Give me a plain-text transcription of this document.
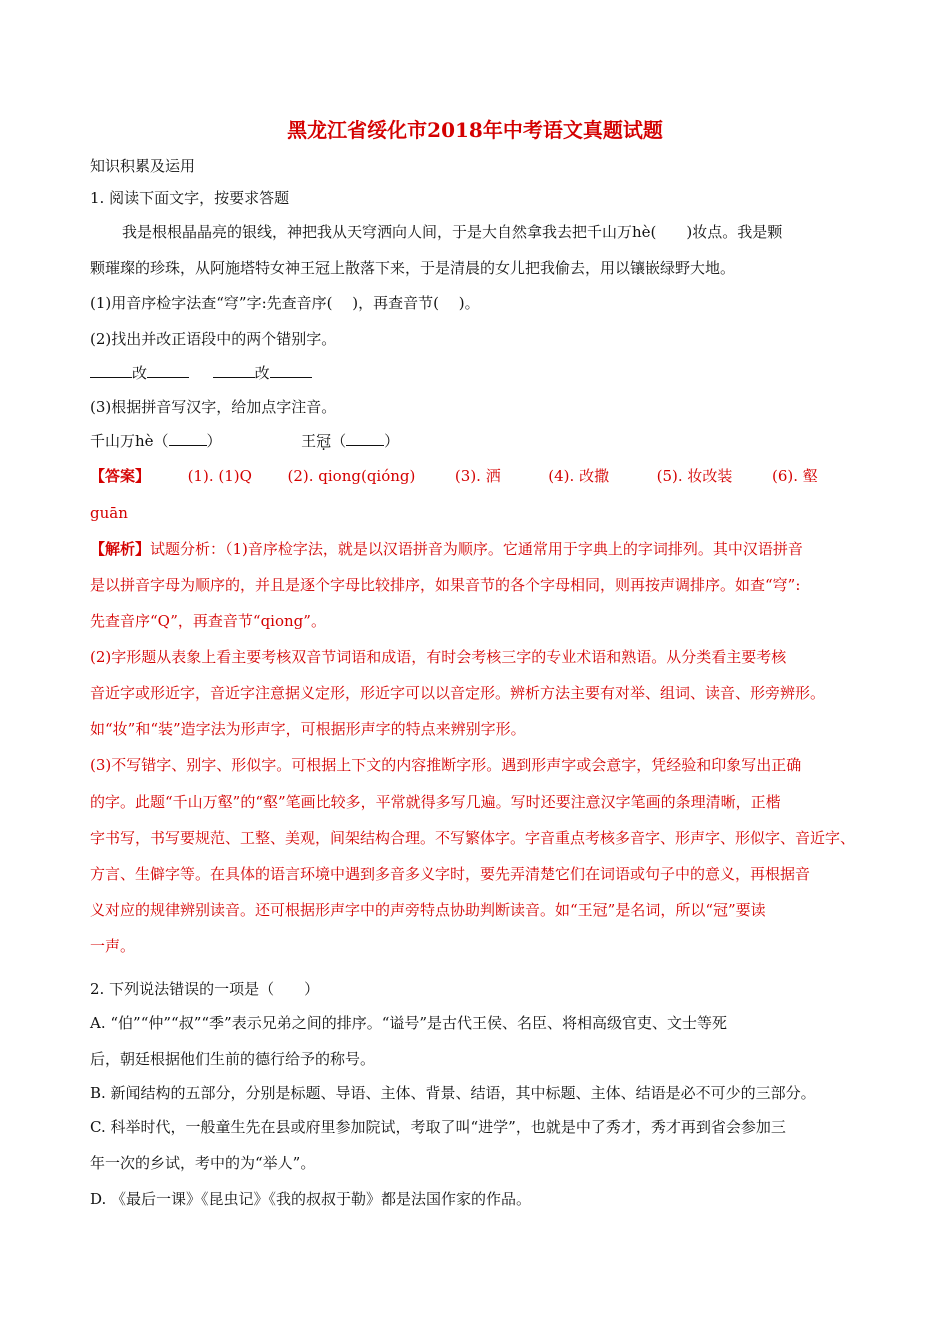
黑龙江省绥化市2018年中考语文真题试题
知识积累及运用
1. 阅读下面文字，按要求答题
我是根根晶晶亮的银线，神把我从天穹洒向人间，于是大自然拿我去把千山万hè(　　)妆点。我是颗
颗璀璨的珍珠，从阿施塔特女神王冠上散落下来，于是清晨的女儿把我偷去，用以镶嵌绿野大地。
(1)用音序检字法查“穹”字:先查音序(　 )，再查音节(　 )。
(2)找出并改正语段中的两个错别字。
改	改
(3)根据拼音写汉字，给加点字注音。
千山万hè（	）	王冠（	）
【答案】	(1). (1)Q (2). qiong(qióng)	(3). 洒	(4). 改撒	(5). 妆改装	(6). 壑
guān
【解析】试题分析：（1)音序检字法，就是以汉语拼音为顺序。它通常用于字典上的字词排列。其中汉语拼音
是以拼音字母为顺序的，并且是逐个字母比较排序，如果音节的各个字母相同，则再按声调排序。如查“穹”:
先查音序“Q”，再查音节“qiong”。
(2)字形题从表象上看主要考核双音节词语和成语，有时会考核三字的专业术语和熟语。从分类看主要考核
音近字或形近字，音近字注意据义定形，形近字可以以音定形。辨析方法主要有对举、组词、读音、形旁辨形。
如“妆”和“装”造字法为形声字，可根据形声字的特点来辨别字形。
(3)不写错字、别字、形似字。可根据上下文的内容推断字形。遇到形声字或会意字，凭经验和印象写出正确
的字。此题“千山万壑”的“壑”笔画比较多，平常就得多写几遍。写时还要注意汉字笔画的条理清晰，正楷
字书写，书写要规范、工整、美观，间架结构合理。不写繁体字。字音重点考核多音字、形声字、形似字、音近字、
方言、生僻字等。在具体的语言环境中遇到多音多义字时，要先弄清楚它们在词语或句子中的意义，再根据音
义对应的规律辨别读音。还可根据形声字中的声旁特点协助判断读音。如“王冠”是名词，所以“冠”要读
一声。
2. 下列说法错误的一项是（　　）
A. “伯”“仲”“叔”“季”表示兄弟之间的排序。“谥号”是古代王侯、名臣、将相高级官吏、文士等死
后，朝廷根据他们生前的德行给予的称号。
B. 新闻结构的五部分，分别是标题、导语、主体、背景、结语，其中标题、主体、结语是必不可少的三部分。
C. 科举时代，一般童生先在县或府里参加院试，考取了叫“进学”，也就是中了秀才，秀才再到省会参加三
年一次的乡试，考中的为“举人”。
D. 《最后一课》《昆虫记》《我的叔叔于勒》都是法国作家的作品。
